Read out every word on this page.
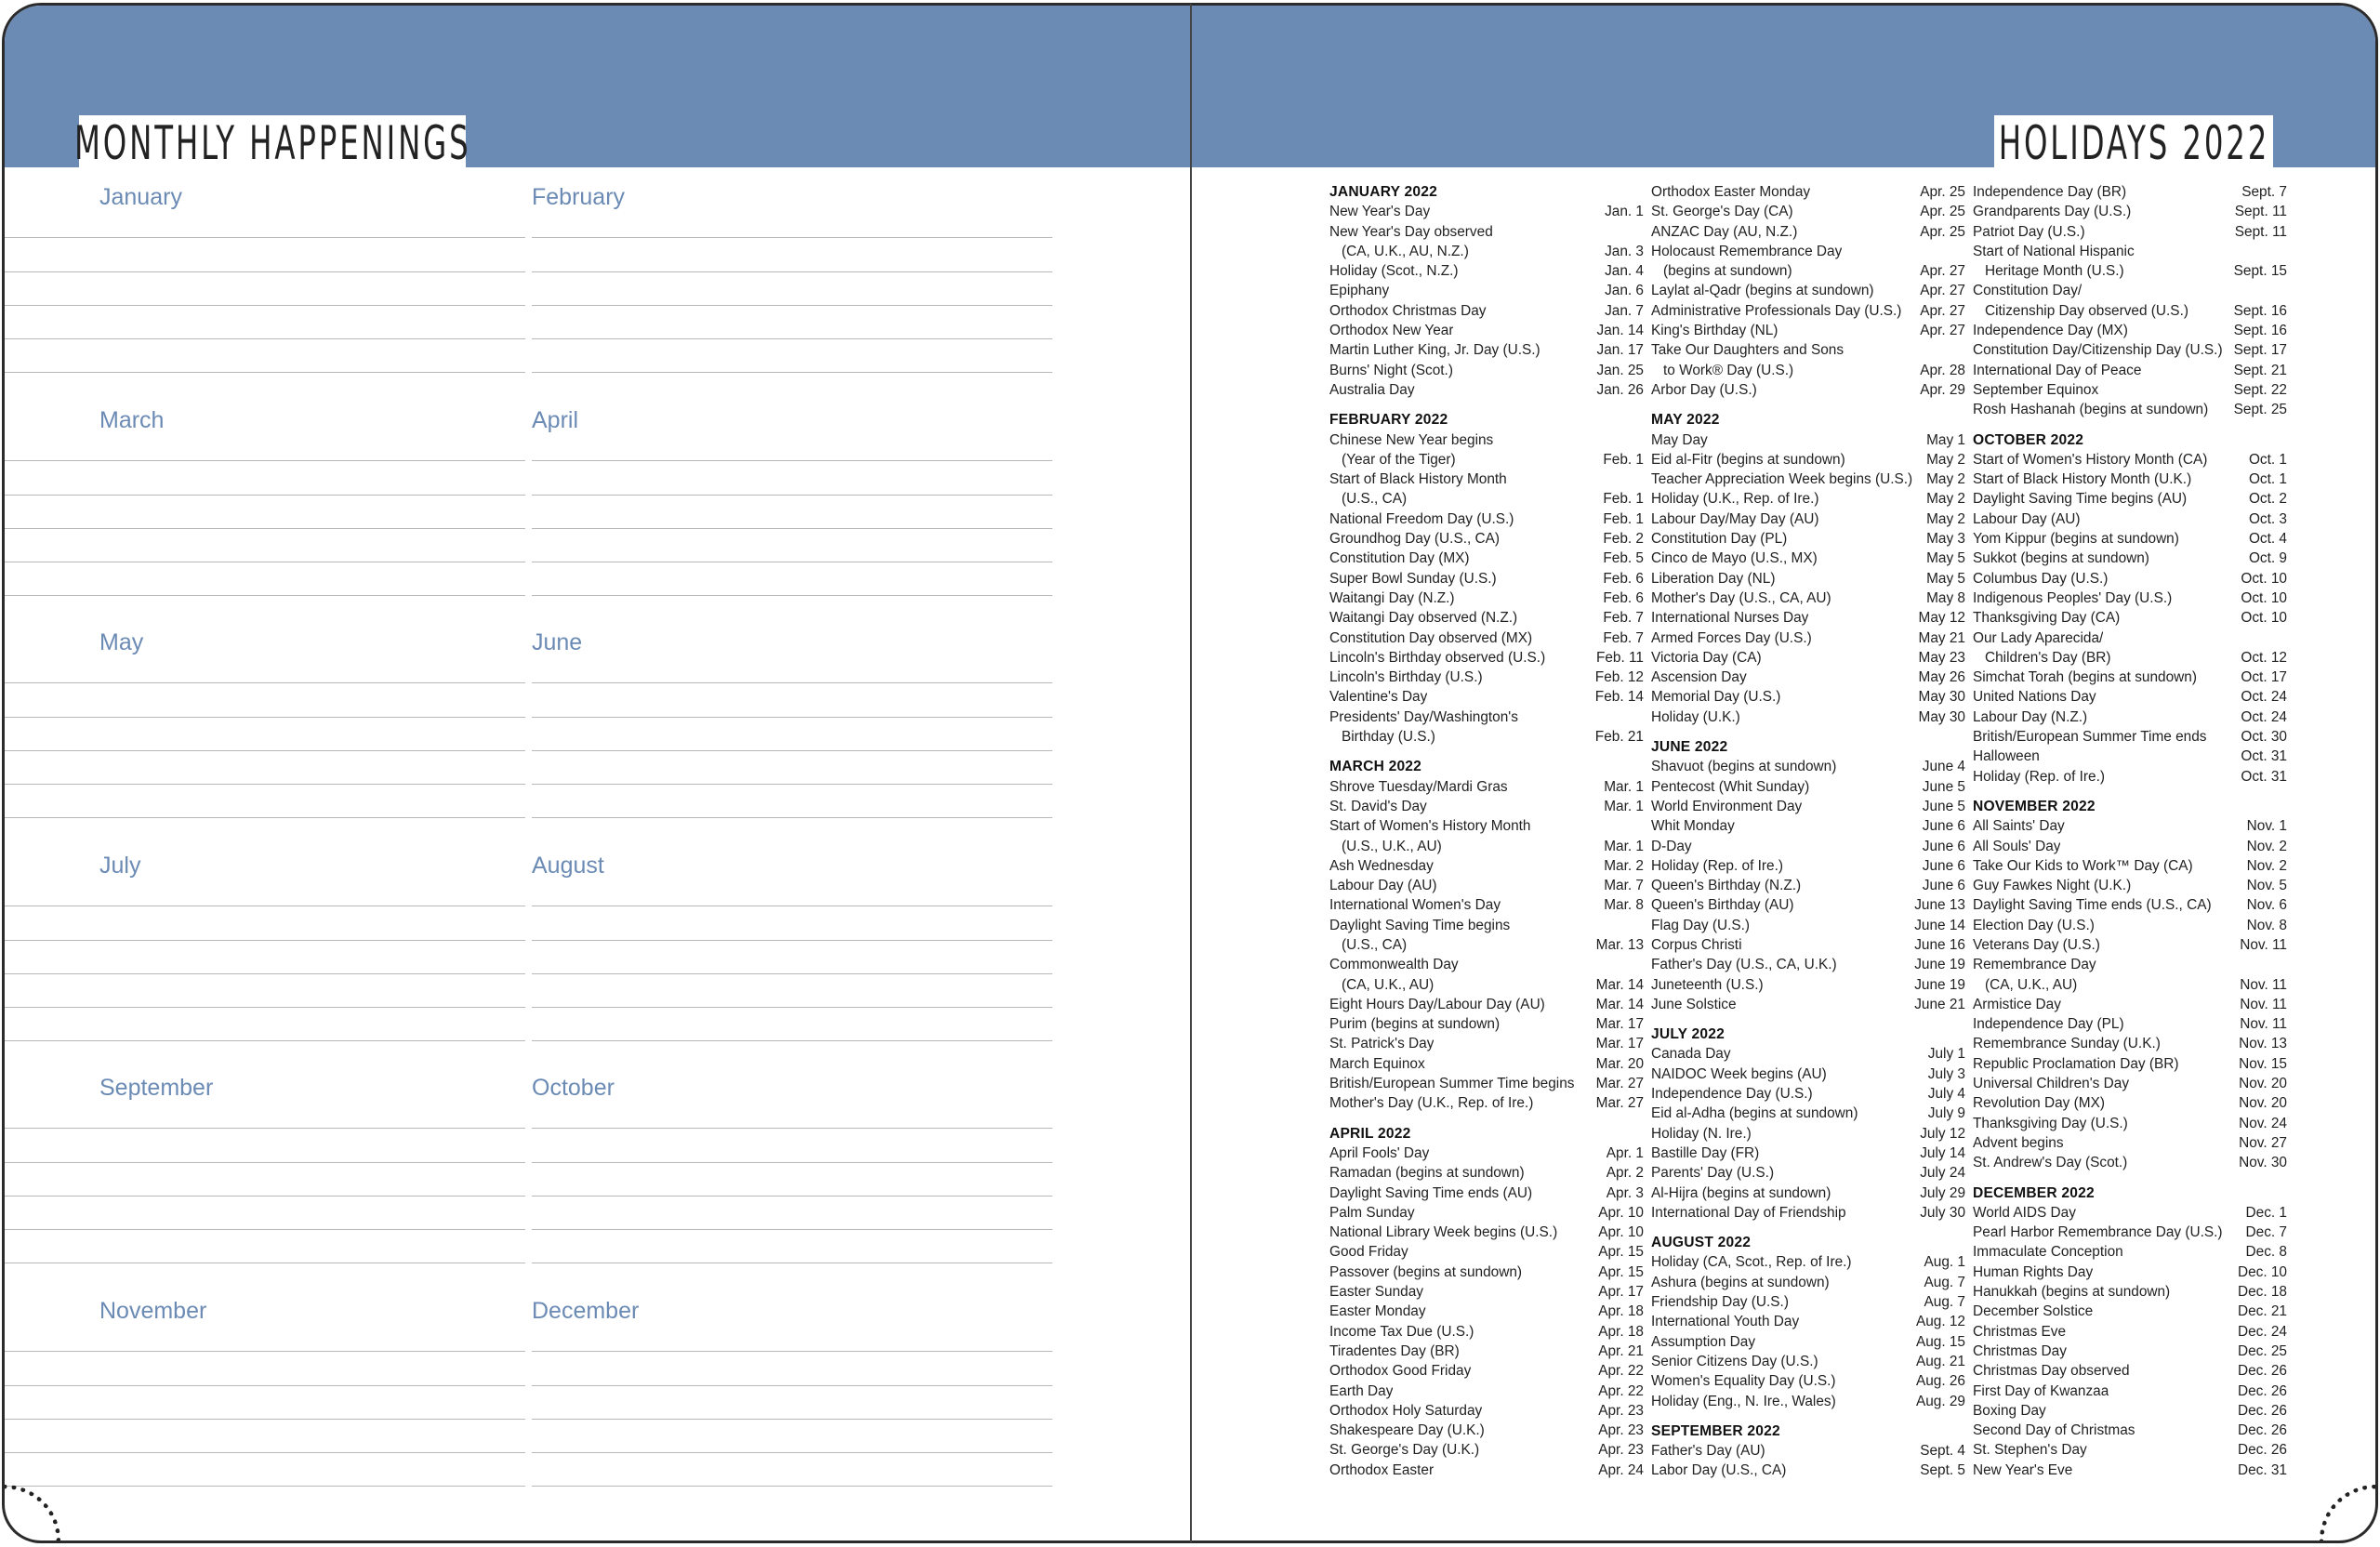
MONTHLY HAPPENINGS
January	February
March	April
May	June
July	August
September	October
November	December
HOLIDAYS 2022
JANUARY 2022
New Year's Day	Jan. 1
New Year's Day observed
(CA, U.K., AU, N.Z.)	Jan. 3
Holiday (Scot., N.Z.)	Jan. 4
Epiphany	Jan. 6
Orthodox Christmas Day	Jan. 7
Orthodox New Year	Jan. 14
Martin Luther King, Jr. Day (U.S.)	Jan. 17
Burns' Night (Scot.)	Jan. 25
Australia Day	Jan. 26
FEBRUARY 2022
Chinese New Year begins
(Year of the Tiger)	Feb. 1
Start of Black History Month
(U.S., CA)	Feb. 1
National Freedom Day (U.S.)	Feb. 1
Groundhog Day (U.S., CA)	Feb. 2
Constitution Day (MX)	Feb. 5
Super Bowl Sunday (U.S.)	Feb. 6
Waitangi Day (N.Z.)	Feb. 6
Waitangi Day observed (N.Z.)	Feb. 7
Constitution Day observed (MX)	Feb. 7
Lincoln's Birthday observed (U.S.)	Feb. 11
Lincoln's Birthday (U.S.)	Feb. 12
Valentine's Day	Feb. 14
Presidents' Day/Washington's
Birthday (U.S.)	Feb. 21
MARCH 2022
Shrove Tuesday/Mardi Gras	Mar. 1
St. David's Day	Mar. 1
Start of Women's History Month
(U.S., U.K., AU)	Mar. 1
Ash Wednesday	Mar. 2
Labour Day (AU)	Mar. 7
International Women's Day	Mar. 8
Daylight Saving Time begins
(U.S., CA)	Mar. 13
Commonwealth Day
(CA, U.K., AU)	Mar. 14
Eight Hours Day/Labour Day (AU)	Mar. 14
Purim (begins at sundown)	Mar. 17
St. Patrick's Day	Mar. 17
March Equinox	Mar. 20
British/European Summer Time begins Mar. 27
Mother's Day (U.K., Rep. of Ire.)	Mar. 27
APRIL 2022
April Fools' Day	Apr. 1
Ramadan (begins at sundown)	Apr. 2
Daylight Saving Time ends (AU)	Apr. 3
Palm Sunday	Apr. 10
National Library Week begins (U.S.)	Apr. 10
Good Friday	Apr. 15
Passover (begins at sundown)	Apr. 15
Easter Sunday	Apr. 17
Easter Monday	Apr. 18
Income Tax Due (U.S.)	Apr. 18
Tiradentes Day (BR)	Apr. 21
Orthodox Good Friday	Apr. 22
Earth Day	Apr. 22
Orthodox Holy Saturday	Apr. 23
Shakespeare Day (U.K.)	Apr. 23
St. George's Day (U.K.)	Apr. 23
Orthodox Easter	Apr. 24
Orthodox Easter Monday	Apr. 25
St. George's Day (CA)	Apr. 25
ANZAC Day (AU, N.Z.)	Apr. 25
Holocaust Remembrance Day
(begins at sundown)	Apr. 27
Laylat al-Qadr (begins at sundown)	Apr. 27
Administrative Professionals Day (U.S.) Apr. 27
King's Birthday (NL)	Apr. 27
Take Our Daughters and Sons
to Work® Day (U.S.)	Apr. 28
Arbor Day (U.S.)	Apr. 29
MAY 2022
May Day	May 1
Eid al-Fitr (begins at sundown)	May 2
Teacher Appreciation Week begins (U.S.) May 2
Holiday (U.K., Rep. of Ire.)	May 2
Labour Day/May Day (AU)	May 2
Constitution Day (PL)	May 3
Cinco de Mayo (U.S., MX)	May 5
Liberation Day (NL)	May 5
Mother's Day (U.S., CA, AU)	May 8
International Nurses Day	May 12
Armed Forces Day (U.S.)	May 21
Victoria Day (CA)	May 23
Ascension Day	May 26
Memorial Day (U.S.)	May 30
Holiday (U.K.)	May 30
JUNE 2022
Shavuot (begins at sundown)	June 4
Pentecost (Whit Sunday)	June 5
World Environment Day	June 5
Whit Monday	June 6
D-Day	June 6
Holiday (Rep. of Ire.)	June 6
Queen's Birthday (N.Z.)	June 6
Queen's Birthday (AU)	June 13
Flag Day (U.S.)	June 14
Corpus Christi	June 16
Father's Day (U.S., CA, U.K.)	June 19
Juneteenth (U.S.)	June 19
June Solstice	June 21
JULY 2022
Canada Day	July 1
NAIDOC Week begins (AU)	July 3
Independence Day (U.S.)	July 4
Eid al-Adha (begins at sundown)	July 9
Holiday (N. Ire.)	July 12
Bastille Day (FR)	July 14
Parents' Day (U.S.)	July 24
Al-Hijra (begins at sundown)	July 29
International Day of Friendship	July 30
AUGUST 2022
Holiday (CA, Scot., Rep. of Ire.)	Aug. 1
Ashura (begins at sundown)	Aug. 7
Friendship Day (U.S.)	Aug. 7
International Youth Day	Aug. 12
Assumption Day	Aug. 15
Senior Citizens Day (U.S.)	Aug. 21
Women's Equality Day (U.S.)	Aug. 26
Holiday (Eng., N. Ire., Wales)	Aug. 29
SEPTEMBER 2022
Father's Day (AU)	Sept. 4
Labor Day (U.S., CA)	Sept. 5
Independence Day (BR)	Sept. 7
Grandparents Day (U.S.)	Sept. 11
Patriot Day (U.S.)	Sept. 11
Start of National Hispanic
Heritage Month (U.S.)	Sept. 15
Constitution Day/
Citizenship Day observed (U.S.)	Sept. 16
Independence Day (MX)	Sept. 16
Constitution Day/Citizenship Day (U.S.) Sept. 17
International Day of Peace	Sept. 21
September Equinox	Sept. 22
Rosh Hashanah (begins at sundown) Sept. 25
OCTOBER 2022
Start of Women's History Month (CA)	Oct. 1
Start of Black History Month (U.K.)	Oct. 1
Daylight Saving Time begins (AU)	Oct. 2
Labour Day (AU)	Oct. 3
Yom Kippur (begins at sundown)	Oct. 4
Sukkot (begins at sundown)	Oct. 9
Columbus Day (U.S.)	Oct. 10
Indigenous Peoples' Day (U.S.)	Oct. 10
Thanksgiving Day (CA)	Oct. 10
Our Lady Aparecida/
Children's Day (BR)	Oct. 12
Simchat Torah (begins at sundown)	Oct. 17
United Nations Day	Oct. 24
Labour Day (N.Z.)	Oct. 24
British/European Summer Time ends Oct. 30
Halloween	Oct. 31
Holiday (Rep. of Ire.)	Oct. 31
NOVEMBER 2022
All Saints' Day	Nov. 1
All Souls' Day	Nov. 2
Take Our Kids to Work™ Day (CA)	Nov. 2
Guy Fawkes Night (U.K.)	Nov. 5
Daylight Saving Time ends (U.S., CA) Nov. 6
Election Day (U.S.)	Nov. 8
Veterans Day (U.S.)	Nov. 11
Remembrance Day
(CA, U.K., AU)	Nov. 11
Armistice Day	Nov. 11
Independence Day (PL)	Nov. 11
Remembrance Sunday (U.K.)	Nov. 13
Republic Proclamation Day (BR)	Nov. 15
Universal Children's Day	Nov. 20
Revolution Day (MX)	Nov. 20
Thanksgiving Day (U.S.)	Nov. 24
Advent begins	Nov. 27
St. Andrew's Day (Scot.)	Nov. 30
DECEMBER 2022
World AIDS Day	Dec. 1
Pearl Harbor Remembrance Day (U.S.) Dec. 7
Immaculate Conception	Dec. 8
Human Rights Day	Dec. 10
Hanukkah (begins at sundown)	Dec. 18
December Solstice	Dec. 21
Christmas Eve	Dec. 24
Christmas Day	Dec. 25
Christmas Day observed	Dec. 26
First Day of Kwanzaa	Dec. 26
Boxing Day	Dec. 26
Second Day of Christmas	Dec. 26
St. Stephen's Day	Dec. 26
New Year's Eve	Dec. 31
